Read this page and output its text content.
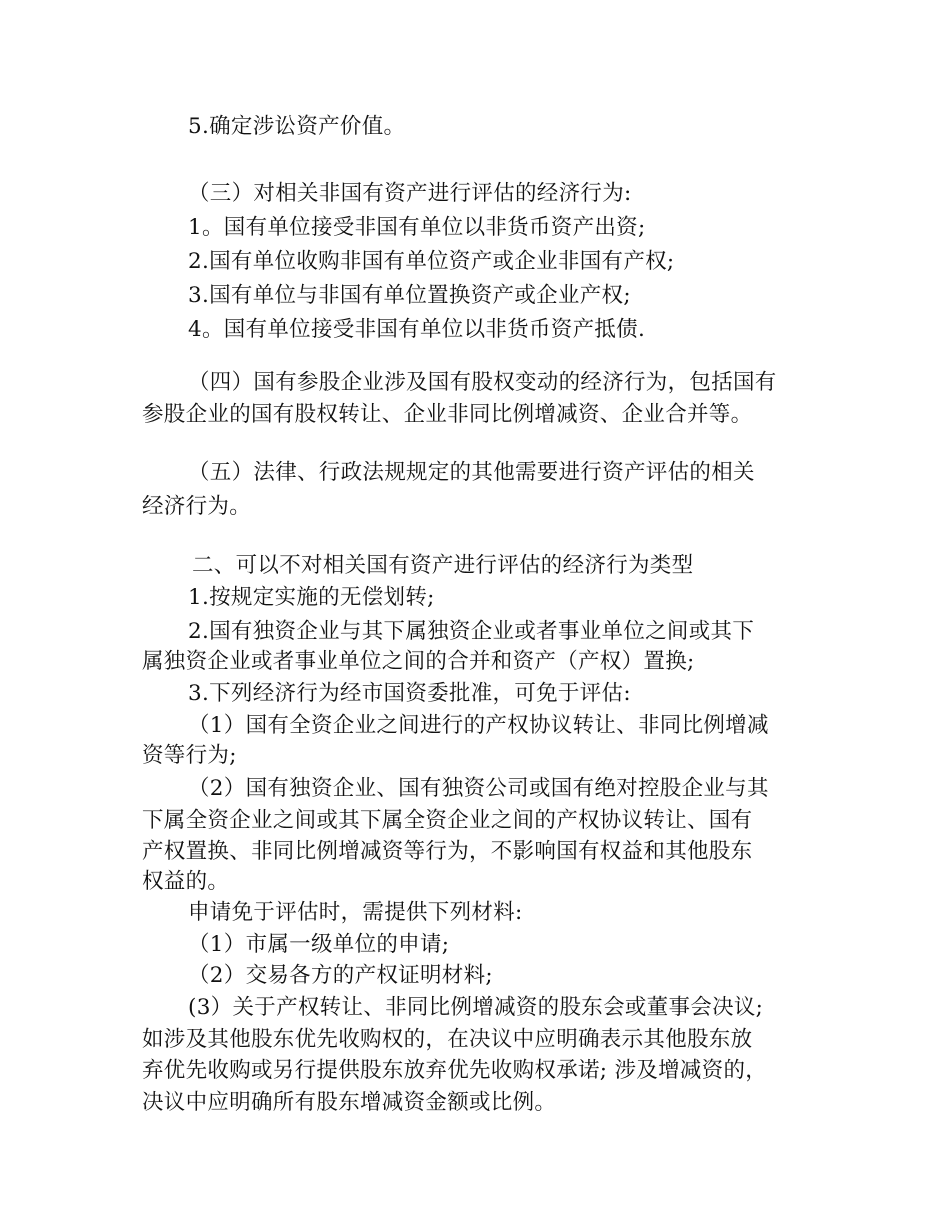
5.确定涉讼资产价值。
（三）对相关非国有资产进行评估的经济行为:
1。国有单位接受非国有单位以非货币资产出资;
2.国有单位收购非国有单位资产或企业非国有产权;
3.国有单位与非国有单位置换资产或企业产权;
4。国有单位接受非国有单位以非货币资产抵债.
（四）国有参股企业涉及国有股权变动的经济行为，包括国有
参股企业的国有股权转让、企业非同比例增减资、企业合并等。
（五）法律、行政法规规定的其他需要进行资产评估的相关
经济行为。
二、可以不对相关国有资产进行评估的经济行为类型
1.按规定实施的无偿划转;
2.国有独资企业与其下属独资企业或者事业单位之间或其下
属独资企业或者事业单位之间的合并和资产（产权）置换;
3.下列经济行为经市国资委批准，可免于评估:
（1）国有全资企业之间进行的产权协议转让、非同比例增减
资等行为;
（2）国有独资企业、国有独资公司或国有绝对控股企业与其
下属全资企业之间或其下属全资企业之间的产权协议转让、国有
产权置换、非同比例增减资等行为，不影响国有权益和其他股东
权益的。
申请免于评估时，需提供下列材料:
（1）市属一级单位的申请;
（2）交易各方的产权证明材料;
(3）关于产权转让、非同比例增减资的股东会或董事会决议;
如涉及其他股东优先收购权的，在决议中应明确表示其他股东放
弃优先收购或另行提供股东放弃优先收购权承诺; 涉及增减资的，
决议中应明确所有股东增减资金额或比例。
